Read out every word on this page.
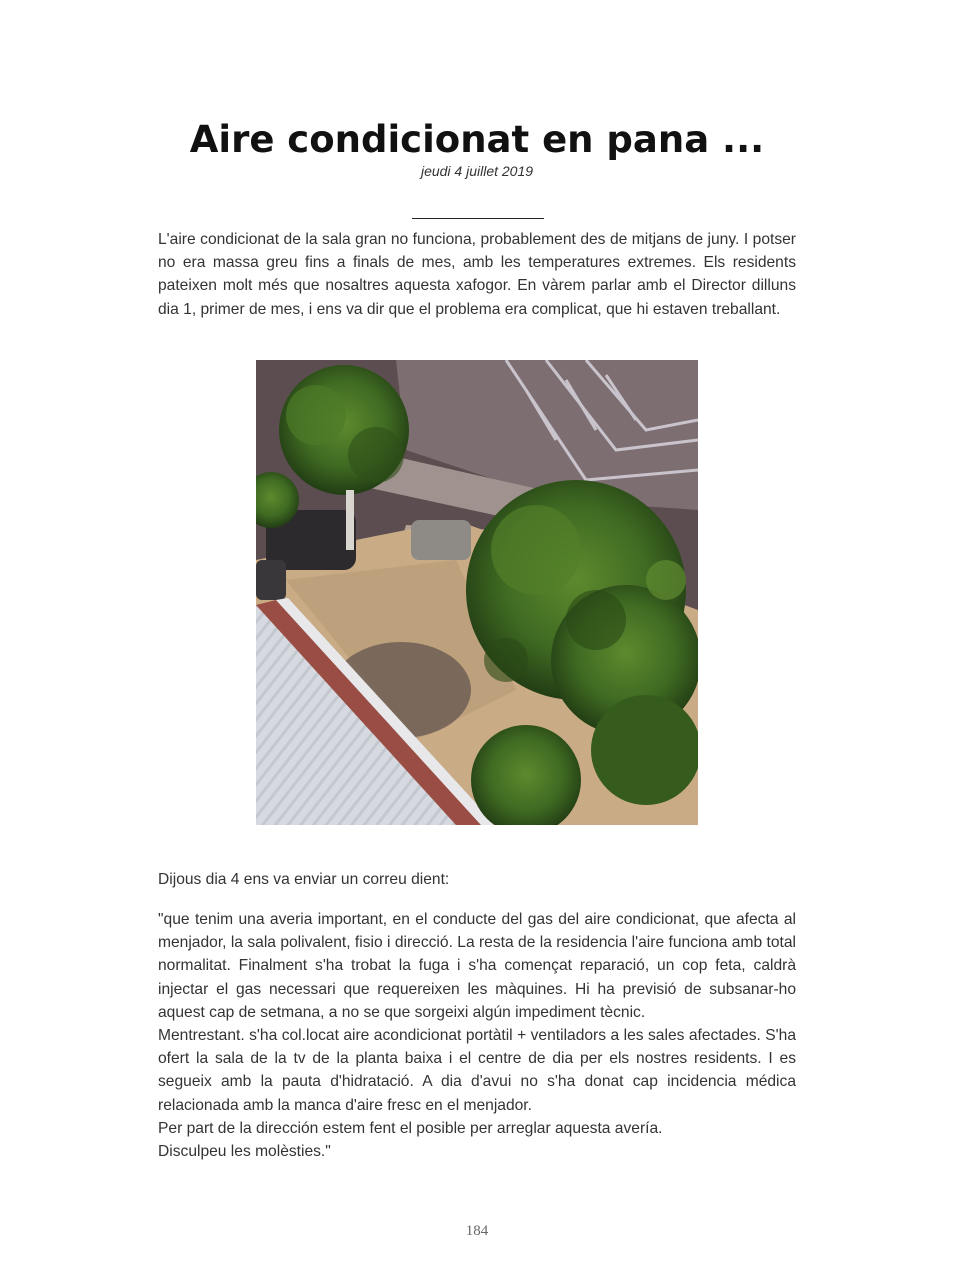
Aire condicionat en pana ...
jeudi 4 juillet 2019

L'aire condicionat de la sala gran no funciona, probablement des de mitjans de juny. I potser no era massa greu fins a finals de mes, amb les temperatures extremes. Els residents pateixen molt més que nosaltres aquesta xafogor. En vàrem parlar amb el Director dilluns dia 1, primer de mes, i ens va dir que el problema era complicat, que hi estaven treballant.

Dijous dia 4 ens va enviar un correu dient:

"que tenim una averia important, en el conducte del gas del aire condicionat, que afecta al menjador, la sala polivalent, fisio i direcció. La resta de la residencia l'aire funciona amb total normalitat. Finalment s'ha trobat la fuga i s'ha començat reparació, un cop feta, caldrà injectar el gas necessari que requereixen les màquines. Hi ha previsió de subsanar-ho aquest cap de setmana, a no se que sorgeixi algún impediment tècnic.
Mentrestant. s'ha col.locat aire acondicionat portàtil + ventiladors a les sales afectades. S'ha ofert la sala de la tv de la planta baixa i el centre de dia per els nostres residents. I es segueix amb la pauta d'hidratació. A dia d'avui no s'ha donat cap incidencia médica relacionada amb la manca d'aire fresc en el menjador.
Per part de la dirección estem fent el posible per arreglar aquesta avería.
Disculpeu les molèsties."
184
